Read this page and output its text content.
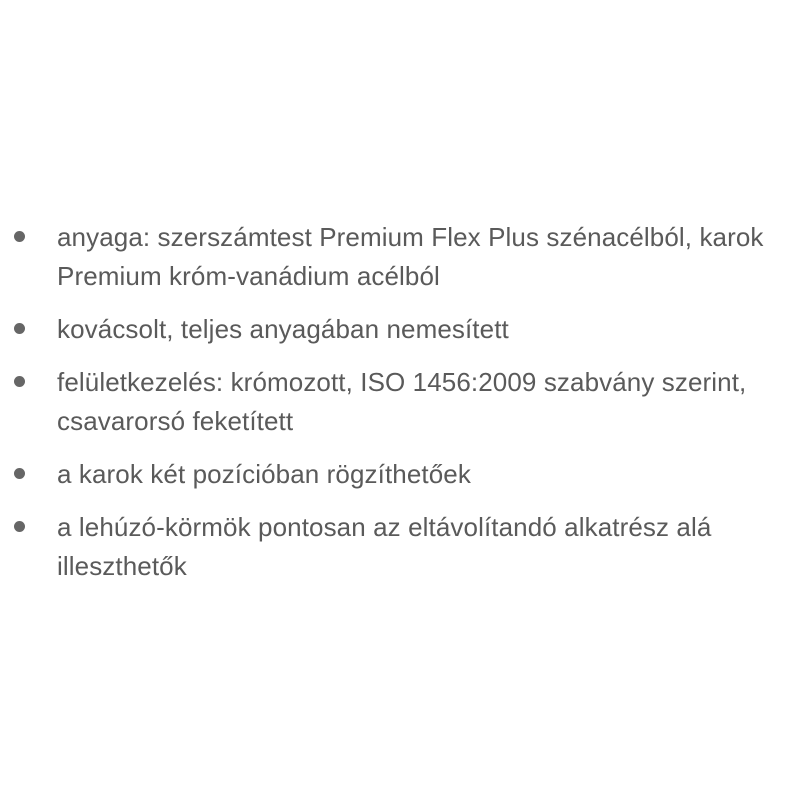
anyaga: szerszámtest Premium Flex Plus szénacélból, karok Premium króm-vanádium acélból
kovácsolt, teljes anyagában nemesített
felületkezelés: krómozott, ISO 1456:2009 szabvány szerint, csavarorsó feketített
a karok két pozícióban rögzíthetőek
a lehúzó-körmök pontosan az eltávolítandó alkatrész alá illeszthetők
